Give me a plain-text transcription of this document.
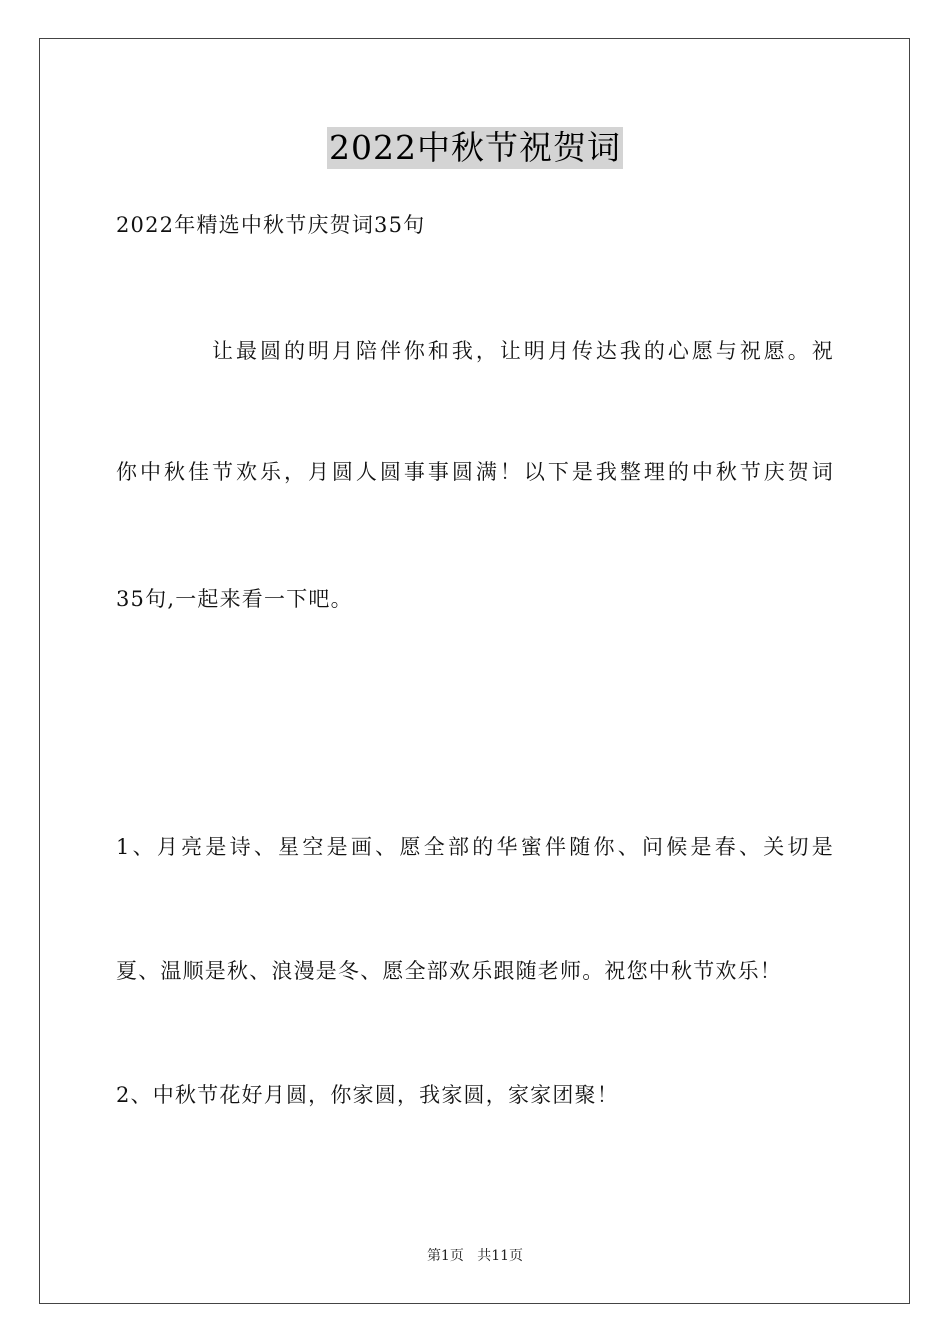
2022中秋节祝贺词
2022年精选中秋节庆贺词35句
让最圆的明月陪伴你和我，让明月传达我的心愿与祝愿。祝
你中秋佳节欢乐，月圆人圆事事圆满！以下是我整理的中秋节庆贺词
35句,一起来看一下吧。
1、月亮是诗、星空是画、愿全部的华蜜伴随你、问候是春、关切是
夏、温顺是秋、浪漫是冬、愿全部欢乐跟随老师。祝您中秋节欢乐！
2、中秋节花好月圆，你家圆，我家圆，家家团聚！
第1页 共11页
